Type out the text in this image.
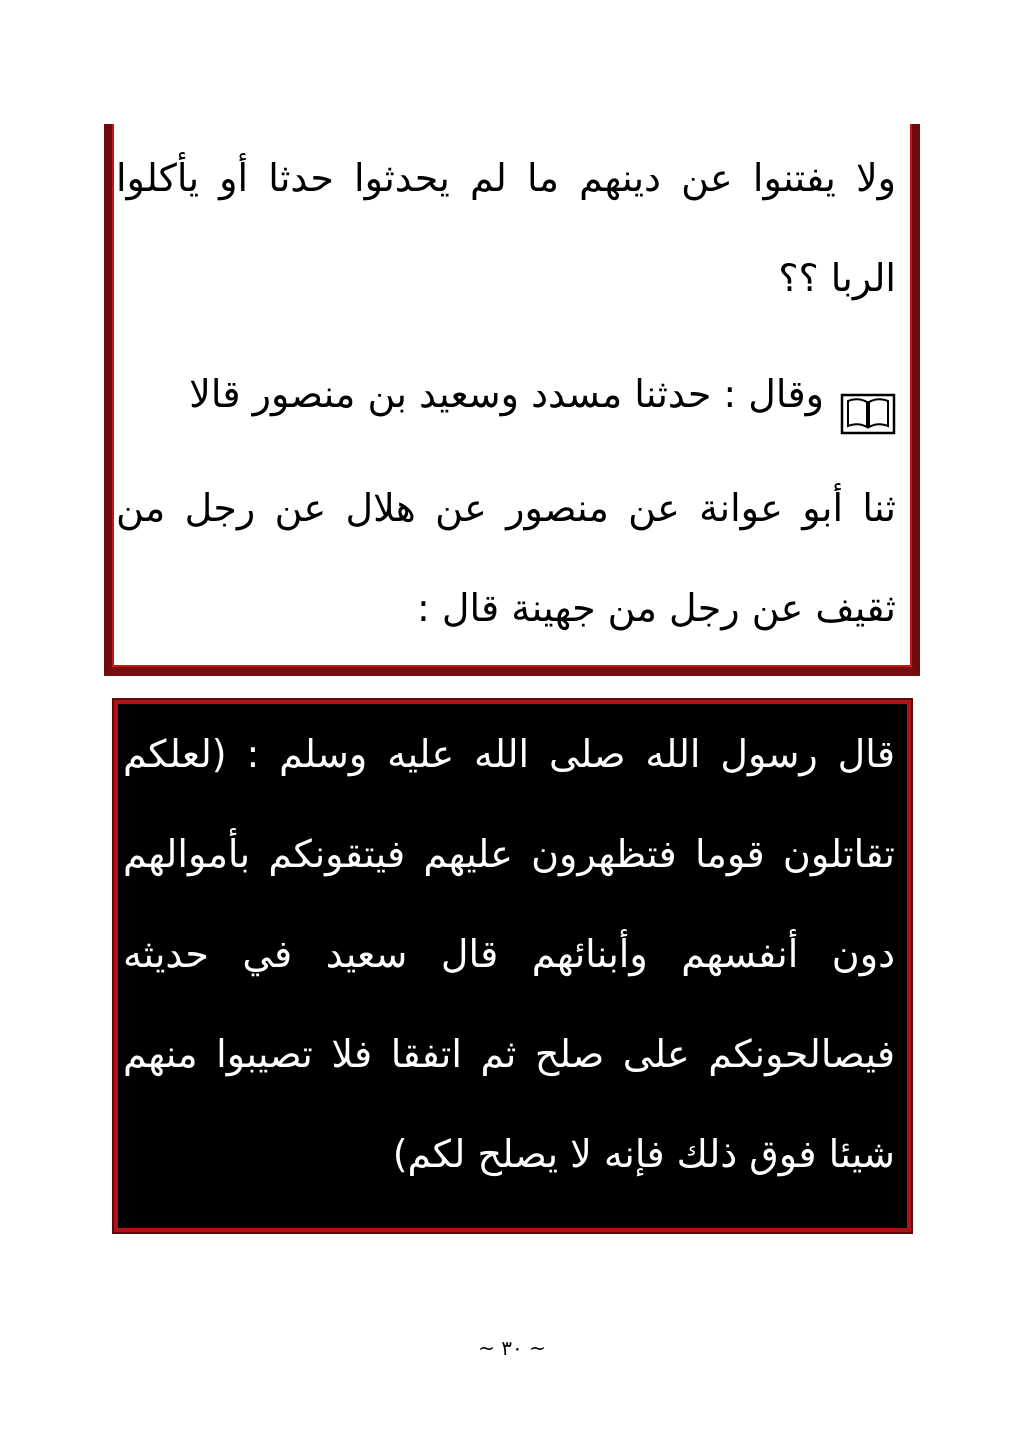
ولا يفتنوا عن دينهم ما لم يحدثوا حدثا أو يأكلوا
الربا ؟؟
وقال : حدثنا مسدد وسعيد بن منصور قالا
ثنا أبو عوانة عن منصور عن هلال عن رجل من
ثقيف عن رجل من جهينة قال :
قال رسول الله صلى الله عليه وسلم : (لعلكم
تقاتلون قوما فتظهرون عليهم فيتقونكم بأموالهم
دون أنفسهم وأبنائهم قال سعيد في حديثه
فيصالحونكم على صلح ثم اتفقا فلا تصيبوا منهم
شيئا فوق ذلك فإنه لا يصلح لكم)
~ ٣٠ ~
